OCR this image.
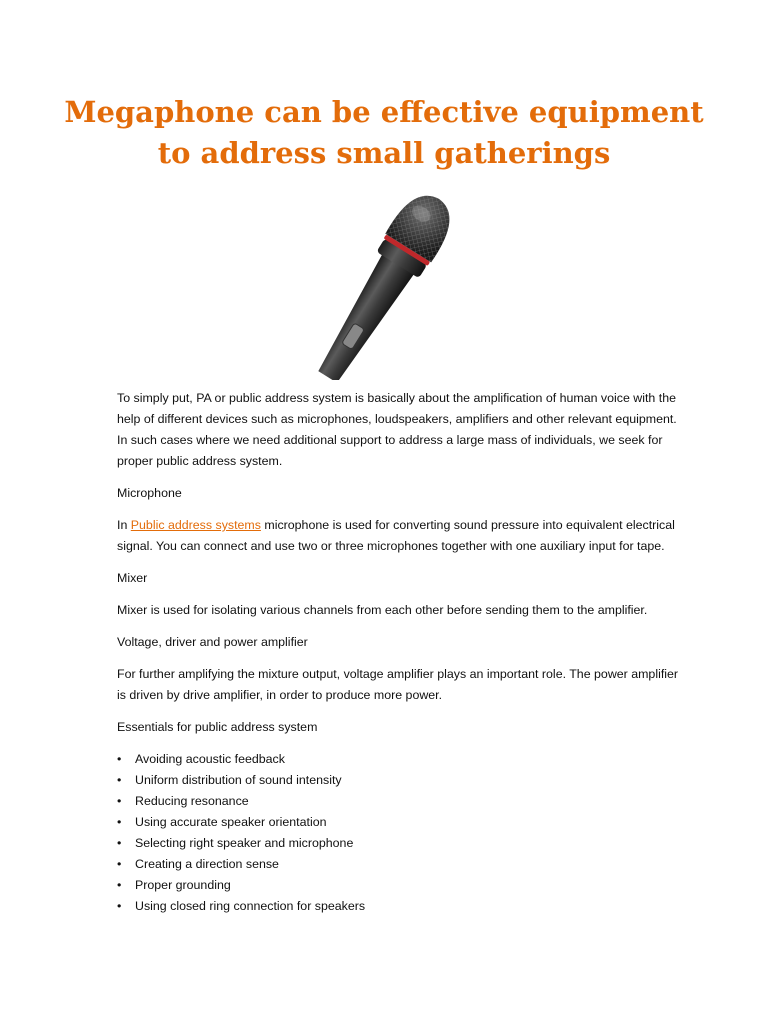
Megaphone can be effective equipment
to address small gatherings

To simply put, PA or public address system is basically about the amplification of human voice with the help of different devices such as microphones, loudspeakers, amplifiers and other relevant equipment. In such cases where we need additional support to address a large mass of individuals, we seek for proper public address system.

Microphone

In Public address systems microphone is used for converting sound pressure into equivalent electrical signal. You can connect and use two or three microphones together with one auxiliary input for tape.

Mixer

Mixer is used for isolating various channels from each other before sending them to the amplifier.

Voltage, driver and power amplifier

For further amplifying the mixture output, voltage amplifier plays an important role. The power amplifier is driven by drive amplifier, in order to produce more power.

Essentials for public address system

• Avoiding acoustic feedback
• Uniform distribution of sound intensity
• Reducing resonance
• Using accurate speaker orientation
• Selecting right speaker and microphone
• Creating a direction sense
• Proper grounding
• Using closed ring connection for speakers
